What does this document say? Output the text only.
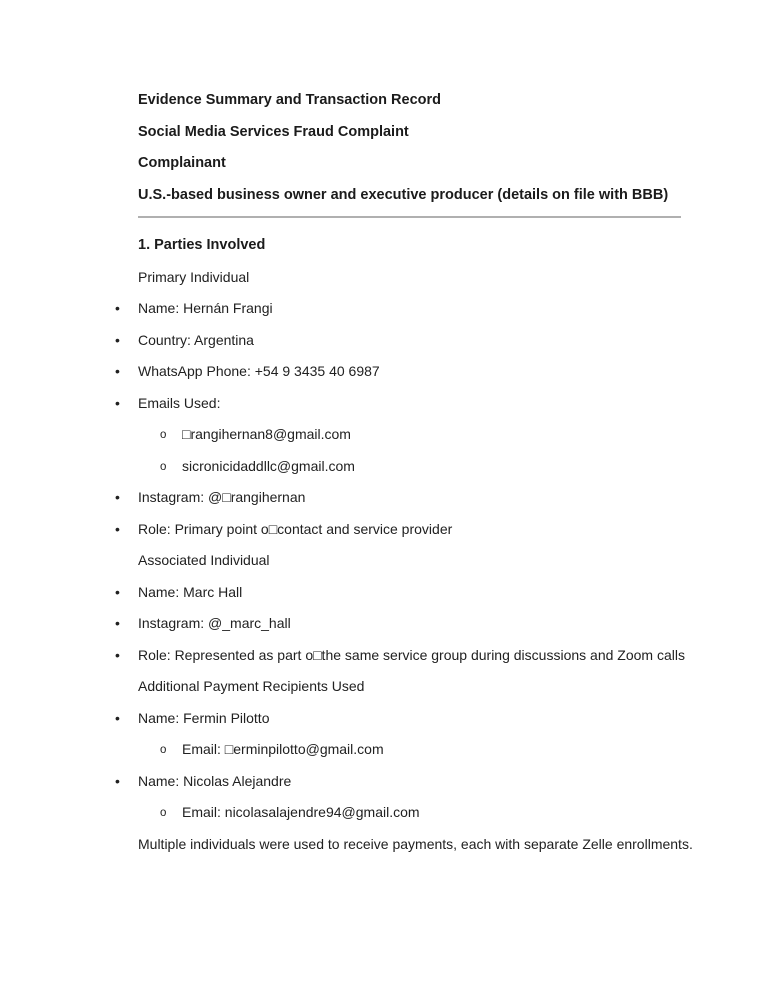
Evidence Summary and Transaction Record

Social Media Services Fraud Complaint

Complainant

U.S.-based business owner and executive producer (details on file with BBB)

1. Parties Involved

Primary Individual

• Name: Hernán Frangi
• Country: Argentina
• WhatsApp Phone: +54 9 3435 40 6987
• Emails Used:
o □rangihernan8@gmail.com
o sicronicidaddllc@gmail.com
• Instagram: @□rangihernan
• Role: Primary point o□contact and service provider

Associated Individual

• Name: Marc Hall
• Instagram: @_marc_hall
• Role: Represented as part o□the same service group during discussions and Zoom calls

Additional Payment Recipients Used

• Name: Fermin Pilotto
o Email: □erminpilotto@gmail.com
• Name: Nicolas Alejandre
o Email: nicolasalajendre94@gmail.com

Multiple individuals were used to receive payments, each with separate Zelle enrollments.
